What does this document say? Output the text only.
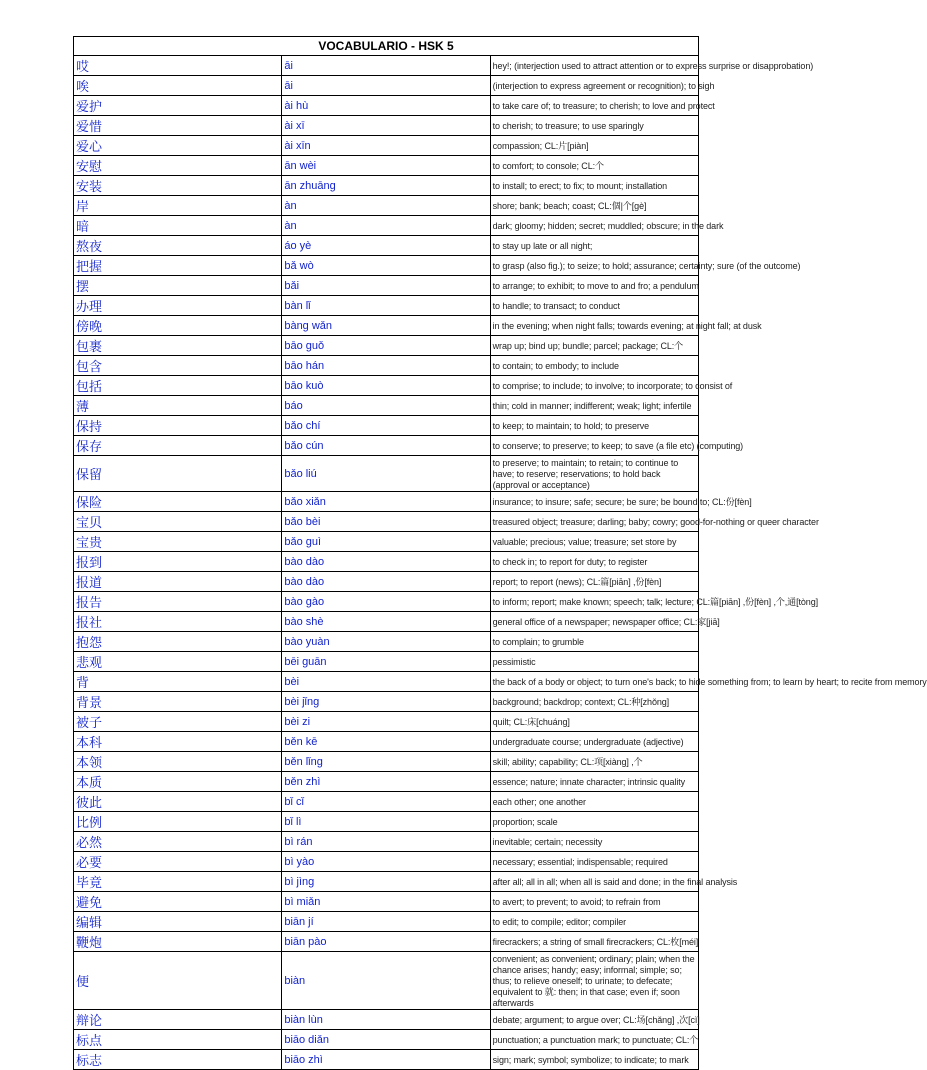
VOCABULARIO - HSK 5		
哎	āi	hey!; (interjection used to attract attention or to express surprise or disapprobation)
唉	āi	(interjection to express agreement or recognition); to sigh
爱护	ài hù	to take care of; to treasure; to cherish; to love and protect
爱惜	ài xī	to cherish; to treasure; to use sparingly
爱心	ài xīn	compassion; CL:片[piàn]
安慰	ān wèi	to comfort; to console; CL:个
安装	ān zhuāng	to install; to erect; to fix; to mount; installation
岸	àn	shore; bank; beach; coast; CL:個|个[gè]
暗	àn	dark; gloomy; hidden; secret; muddled; obscure; in the dark
熬夜	áo yè	to stay up late or all night;
把握	bǎ wò	to grasp (also fig.); to seize; to hold; assurance; certainty; sure (of the outcome)
摆	bǎi	to arrange; to exhibit; to move to and fro; a pendulum
办理	bàn lǐ	to handle; to transact; to conduct
傍晚	bàng wǎn	in the evening; when night falls; towards evening; at night fall; at dusk
包裹	bāo guǒ	wrap up; bind up; bundle; parcel; package; CL:个
包含	bāo hán	to contain; to embody; to include
包括	bāo kuò	to comprise; to include; to involve; to incorporate; to consist of
薄	báo	thin; cold in manner; indifferent; weak; light; infertile
保持	bǎo chí	to keep; to maintain; to hold; to preserve
保存	bǎo cún	to conserve; to preserve; to keep; to save (a file etc) (computing)
保留	bǎo liú	to preserve; to maintain; to retain; to continue to have; to reserve; reservations; to hold back (approval or acceptance)
保险	bǎo xiǎn	insurance; to insure; safe; secure; be sure; be bound to; CL:份[fèn]
宝贝	bǎo bèi	treasured object; treasure; darling; baby; cowry; good-for-nothing or queer character
宝贵	bǎo guì	valuable; precious; value; treasure; set store by
报到	bào dào	to check in; to report for duty; to register
报道	bào dào	report; to report (news); CL:篇[piān] ,份[fèn]
报告	bào gào	to inform; report; make known; speech; talk; lecture; CL:篇[piān] ,份[fèn] ,个,通[tòng]
报社	bào shè	general office of a newspaper; newspaper office; CL:家[jiā]
抱怨	bào yuàn	to complain; to grumble
悲观	bēi guān	pessimistic
背	bèi	the back of a body or object; to turn one's back; to hide something from; to learn by heart; to recite from memory
背景	bèi jǐng	background; backdrop; context; CL:种[zhǒng]
被子	bèi zi	quilt; CL:床[chuáng]
本科	běn kē	undergraduate course; undergraduate (adjective)
本领	běn lǐng	skill; ability; capability; CL:项[xiàng] ,个
本质	běn zhì	essence; nature; innate character; intrinsic quality
彼此	bǐ cǐ	each other; one another
比例	bǐ lì	proportion; scale
必然	bì rán	inevitable; certain; necessity
必要	bì yào	necessary; essential; indispensable; required
毕竟	bì jìng	after all; all in all; when all is said and done; in the final analysis
避免	bì miǎn	to avert; to prevent; to avoid; to refrain from
编辑	biān jí	to edit; to compile; editor; compiler
鞭炮	biān pào	firecrackers; a string of small firecrackers; CL:枚[méi]
便	biàn	convenient; as convenient; ordinary; plain; when the chance arises; handy; easy; informal; simple; so; thus; to relieve oneself; to urinate; to defecate; equivalent to 就: then; in that case; even if; soon afterwards
辩论	biàn lùn	debate; argument; to argue over; CL:场[chǎng] ,次[cì]
标点	biāo diǎn	punctuation; a punctuation mark; to punctuate; CL:个
标志	biāo zhì	sign; mark; symbol; symbolize; to indicate; to mark
